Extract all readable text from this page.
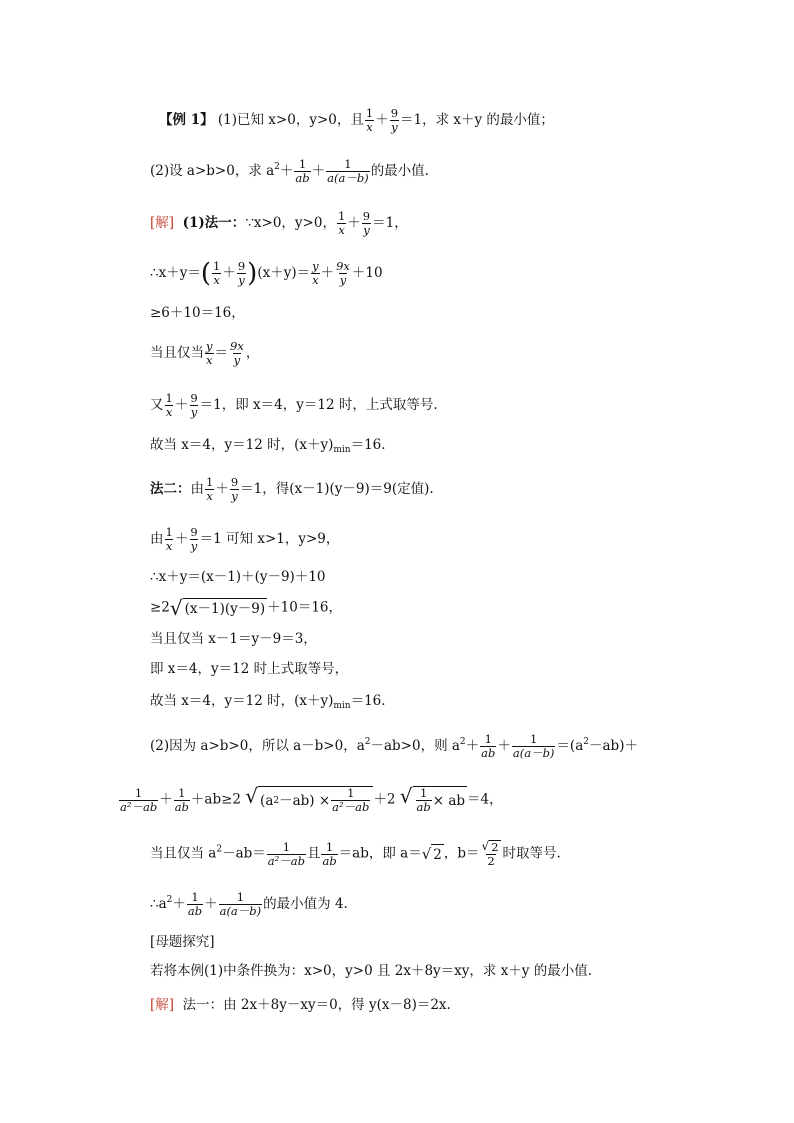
【例 1】 (1)已知 x>0，y>0，且 $\frac{1}{x} + \frac{9}{y} =1$，求 x＋y 的最小值；
(2)设 a>b>0，求 $a^2+ \frac{1}{ab} + \frac{1}{a(a-b)}$ 的最小值.
[解] (1)法一：∵x>0，y>0， $\frac{1}{x} + \frac{9}{y} =1$，
∴x＋y＝( $\frac{1}{x} + \frac{9}{y} )(x+y)= \frac{y}{x} + \frac{9x}{y} +10$
≥6＋10＝16，
当且仅当 $\frac{y}{x} = \frac{9x}{y}$ ，
又 $\frac{1}{x} + \frac{9}{y} =1$，即 x＝4，y＝12 时，上式取等号.
故当 x＝4，y＝12 时，$(x+y)_{min}=16$.
法二：由 $\frac{1}{x} + \frac{9}{y} =1$，得(x－1)(y－9)＝9(定值).
由 $\frac{1}{x} + \frac{9}{y} =1$ 可知 x>1，y>9，
∴x＋y＝(x－1)＋(y－9)＋10
≥2 √ (x－1)(y－9) ＋10＝16，
当且仅当 x－1＝y－9＝3，
即 x＝4，y＝12 时上式取等号，
故当 x＝4，y＝12 时，$(x+y)_{min}=16$.
(2)因为 a>b>0，所以 a－b>0，$a^2-ab>0$，则 $a^2+ \frac{1}{ab} + \frac{1}{a(a-b)} =(a^2-ab)+$
$\frac{1}{\text{a²－ab}} + \frac{1}{ab} +ab\ge 2$ √ (a $2 -ab) \times \frac{1}{\text{a²－ab}} +2$ √ $\frac{1}{ab}$ × ab ＝4，
当且仅当 $a^2-ab= \frac{1}{\text{a²－ab}}$ 且 $\frac{1}{ab} =ab$，即 a＝ √ 2 ，$b= \frac{√ 2}{2}$ 时取等号.
$\therefore a^2+ \frac{1}{ab} + \frac{1}{a(a-b)}$ 的最小值为 4.
[母题探究]
若将本例(1)中条件换为：x>0，y>0 且 2x＋8y＝xy，求 x＋y 的最小值.
[解] 法一：由 2x＋8y－xy＝0，得 y(x－8)＝2x.
